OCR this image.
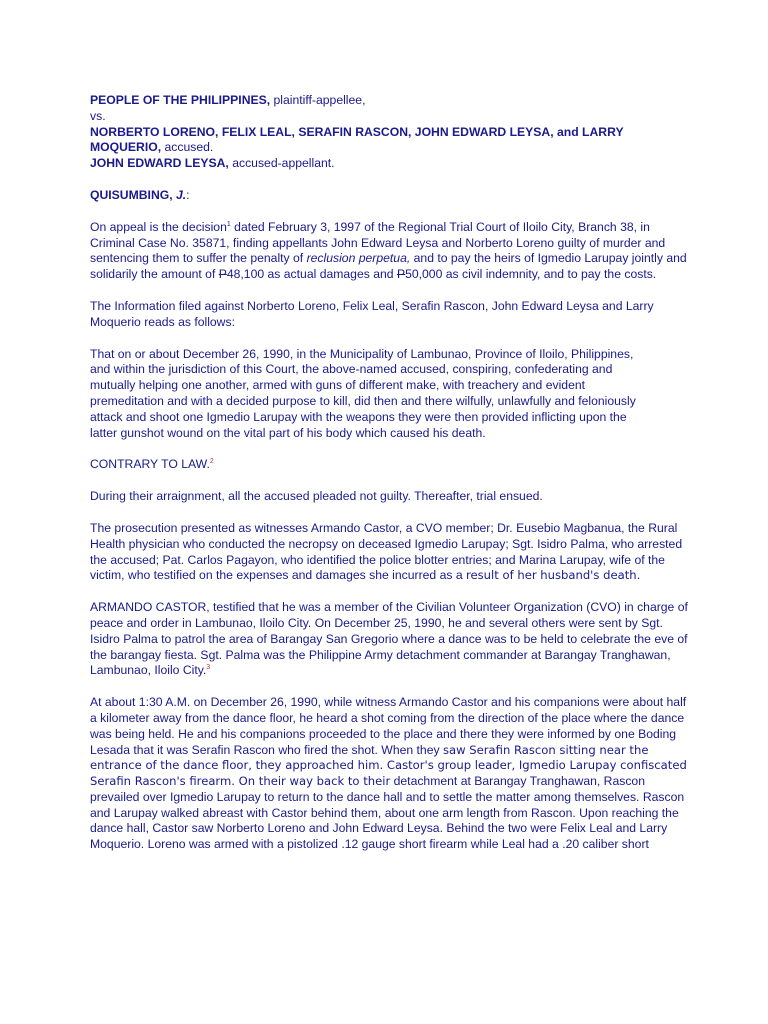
PEOPLE OF THE PHILIPPINES, plaintiff-appellee,

vs.

NORBERTO LORENO, FELIX LEAL, SERAFIN RASCON, JOHN EDWARD LEYSA, and LARRY MOQUERIO, accused.

JOHN EDWARD LEYSA, accused-appellant.

QUISUMBING, J.:

On appeal is the decision$^1$ dated February 3, 1997 of the Regional Trial Court of Iloilo City, Branch 38, in Criminal Case No. 35871, finding appellants John Edward Leysa and Norberto Loreno guilty of murder and sentencing them to suffer the penalty of reclusion perpetua, and to pay the heirs of Igmedio Larupay jointly and solidarily the amount of P48,100 as actual damages and P50,000 as civil indemnity, and to pay the costs.

The Information filed against Norberto Loreno, Felix Leal, Serafin Rascon, John Edward Leysa and Larry Moquerio reads as follows:

That on or about December 26, 1990, in the Municipality of Lambunao, Province of Iloilo, Philippines, and within the jurisdiction of this Court, the above-named accused, conspiring, confederating and mutually helping one another, armed with guns of different make, with treachery and evident premeditation and with a decided purpose to kill, did then and there wilfully, unlawfully and feloniously attack and shoot one Igmedio Larupay with the weapons they were then provided inflicting upon the latter gunshot wound on the vital part of his body which caused his death.

CONTRARY TO LAW.$^2$

During their arraignment, all the accused pleaded not guilty. Thereafter, trial ensued.

The prosecution presented as witnesses Armando Castor, a CVO member; Dr. Eusebio Magbanua, the Rural Health physician who conducted the necropsy on deceased Igmedio Larupay; Sgt. Isidro Palma, who arrested the accused; Pat. Carlos Pagayon, who identified the police blotter entries; and Marina Larupay, wife of the victim, who testified on the expenses and damages she incurred as a result of her husband's death.

ARMANDO CASTOR, testified that he was a member of the Civilian Volunteer Organization (CVO) in charge of peace and order in Lambunao, Iloilo City. On December 25, 1990, he and several others were sent by Sgt. Isidro Palma to patrol the area of Barangay San Gregorio where a dance was to be held to celebrate the eve of the barangay fiesta. Sgt. Palma was the Philippine Army detachment commander at Barangay Tranghawan, Lambunao, Iloilo City.$^3$

At about 1:30 A.M. on December 26, 1990, while witness Armando Castor and his companions were about half a kilometer away from the dance floor, he heard a shot coming from the direction of the place where the dance was being held. He and his companions proceeded to the place and there they were informed by one Boding Lesada that it was Serafin Rascon who fired the shot. When they saw Serafin Rascon sitting near the entrance of the dance floor, they approached him. Castor's group leader, Igmedio Larupay confiscated Serafin Rascon's firearm. On their way back to their detachment at Barangay Tranghawan, Rascon prevailed over Igmedio Larupay to return to the dance hall and to settle the matter among themselves. Rascon and Larupay walked abreast with Castor behind them, about one arm length from Rascon. Upon reaching the dance hall, Castor saw Norberto Loreno and John Edward Leysa. Behind the two were Felix Leal and Larry Moquerio. Loreno was armed with a pistolized .12 gauge short firearm while Leal had a .20 caliber short
